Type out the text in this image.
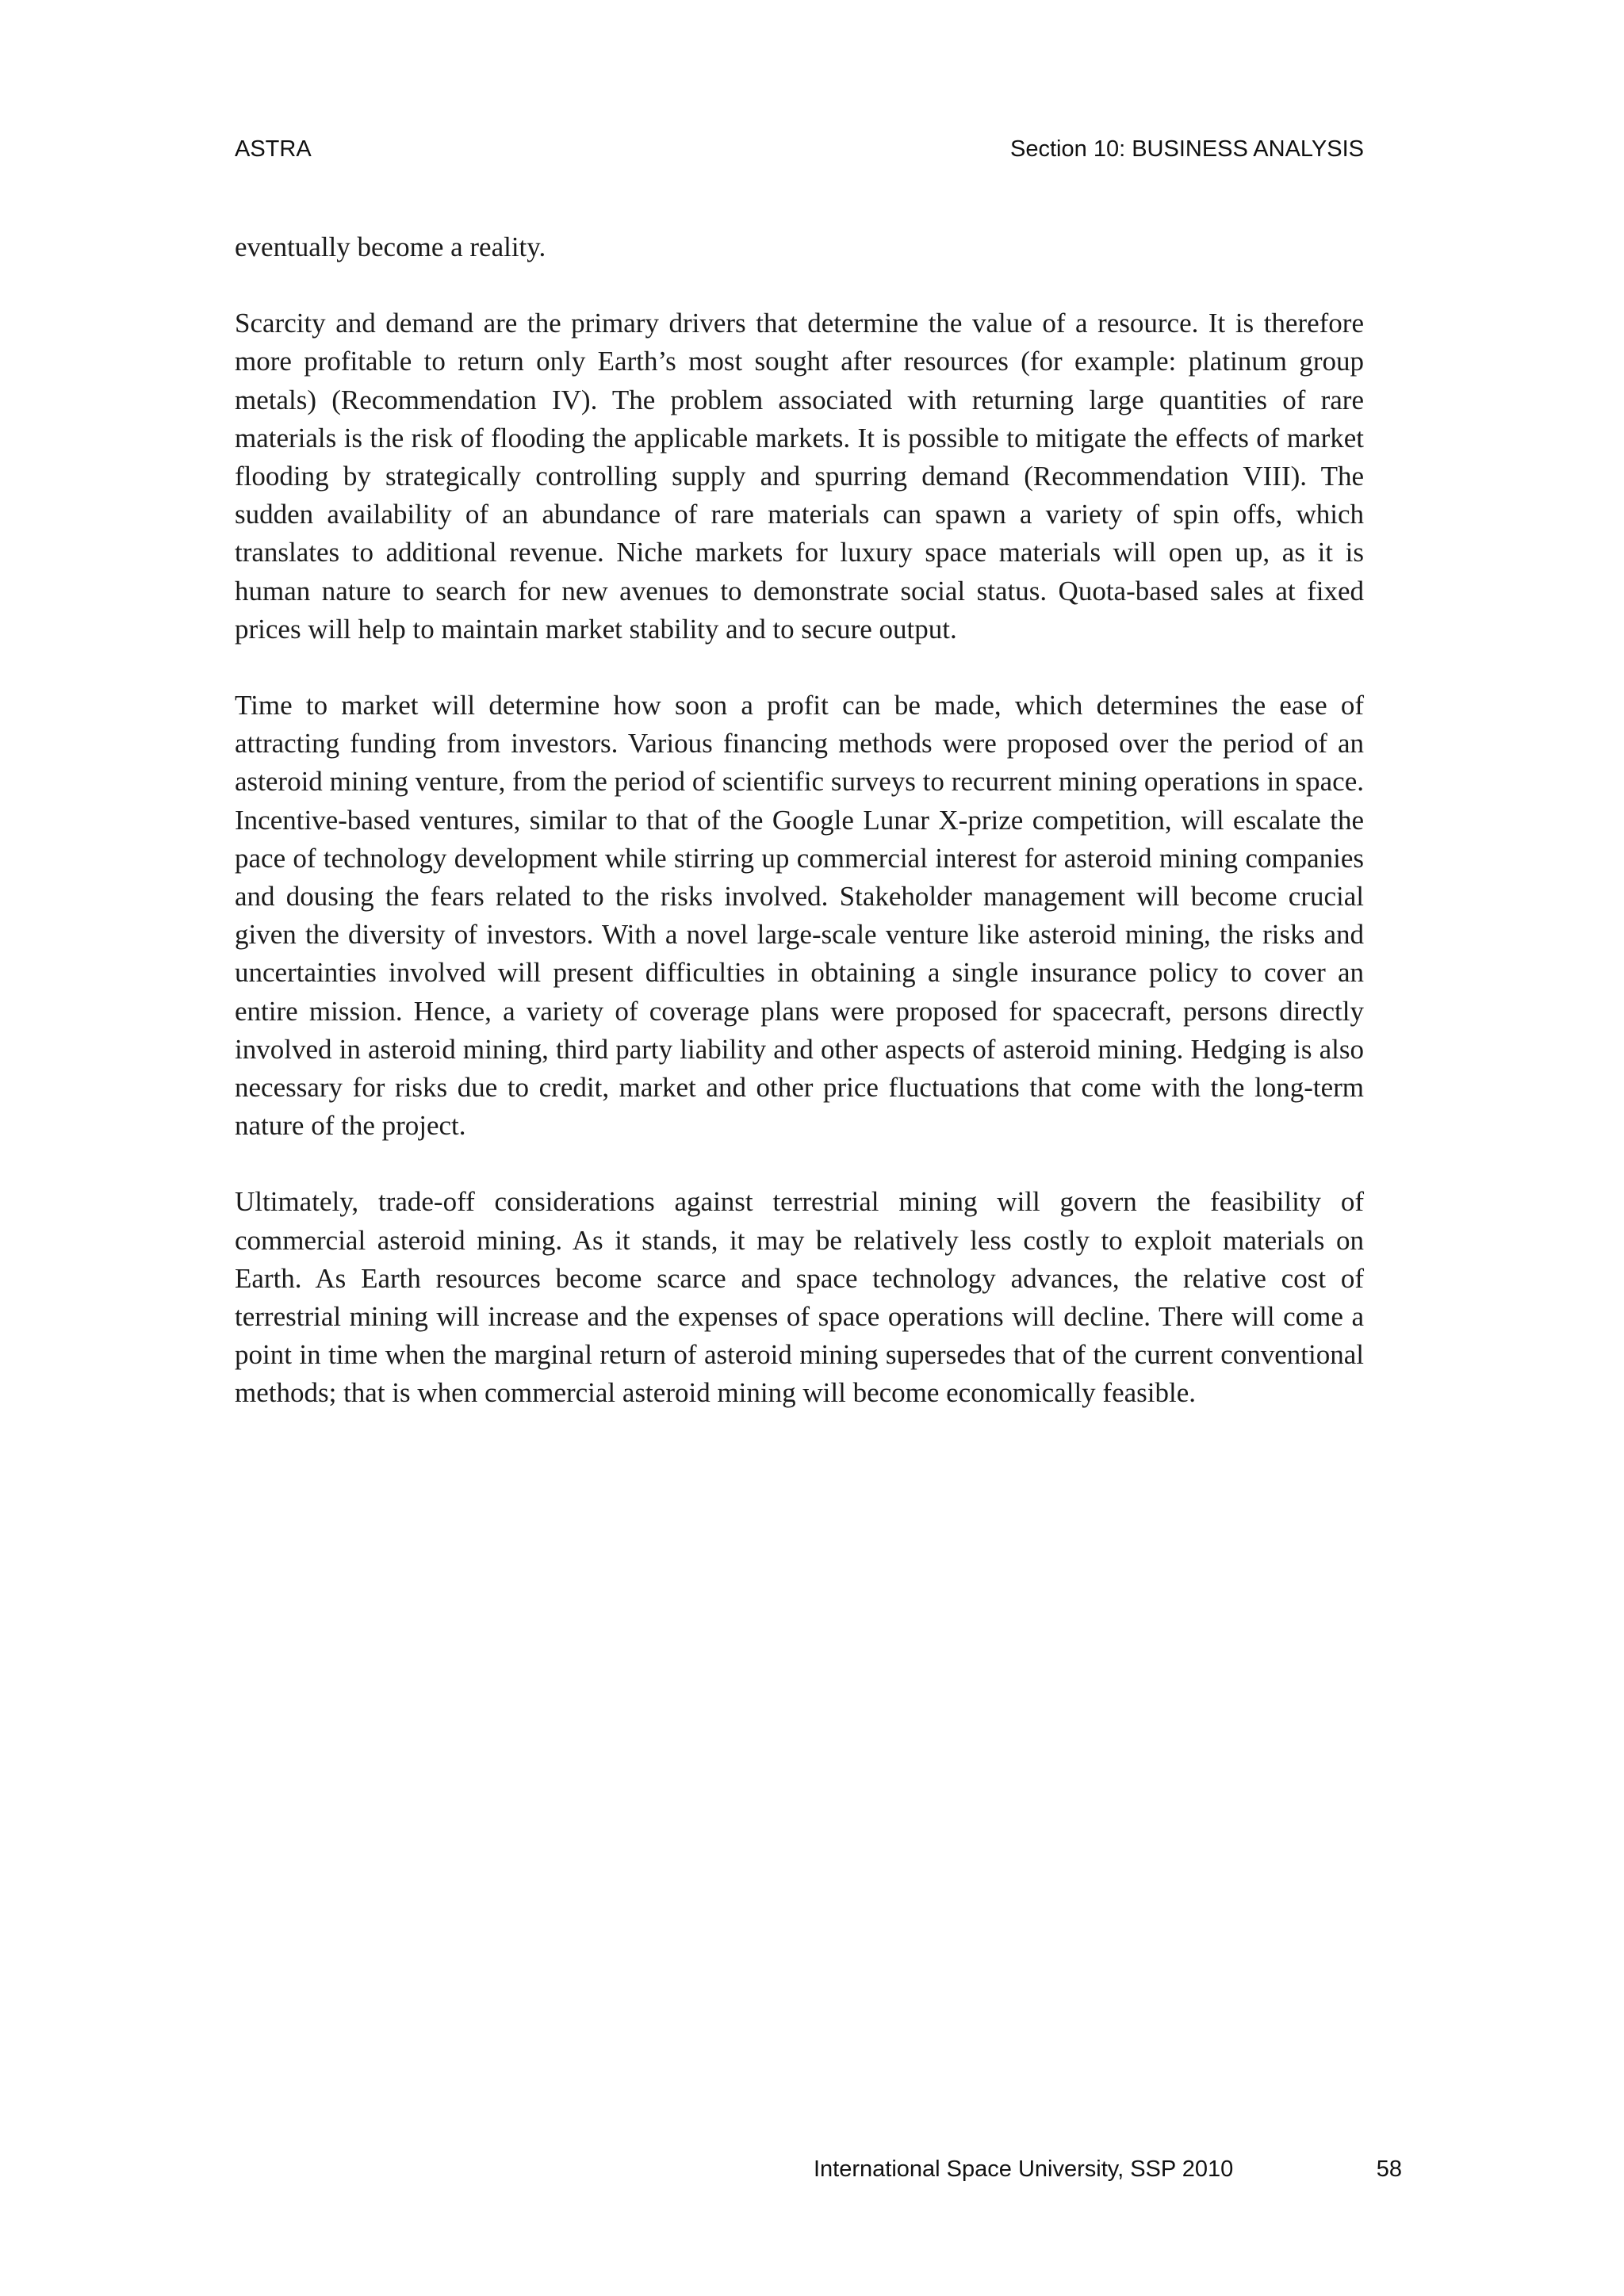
ASTRA	Section 10: BUSINESS ANALYSIS

eventually become a reality.

Scarcity and demand are the primary drivers that determine the value of a resource. It is therefore more profitable to return only Earth’s most sought after resources (for example: platinum group metals) (Recommendation IV). The problem associated with returning large quantities of rare materials is the risk of flooding the applicable markets. It is possible to mitigate the effects of market flooding by strategically controlling supply and spurring demand (Recommendation VIII). The sudden availability of an abundance of rare materials can spawn a variety of spin offs, which translates to additional revenue. Niche markets for luxury space materials will open up, as it is human nature to search for new avenues to demonstrate social status. Quota-based sales at fixed prices will help to maintain market stability and to secure output.

Time to market will determine how soon a profit can be made, which determines the ease of attracting funding from investors. Various financing methods were proposed over the period of an asteroid mining venture, from the period of scientific surveys to recurrent mining operations in space. Incentive-based ventures, similar to that of the Google Lunar X-prize competition, will escalate the pace of technology development while stirring up commercial interest for asteroid mining companies and dousing the fears related to the risks involved. Stakeholder management will become crucial given the diversity of investors. With a novel large-scale venture like asteroid mining, the risks and uncertainties involved will present difficulties in obtaining a single insurance policy to cover an entire mission. Hence, a variety of coverage plans were proposed for spacecraft, persons directly involved in asteroid mining, third party liability and other aspects of asteroid mining. Hedging is also necessary for risks due to credit, market and other price fluctuations that come with the long-term nature of the project.

Ultimately, trade-off considerations against terrestrial mining will govern the feasibility of commercial asteroid mining. As it stands, it may be relatively less costly to exploit materials on Earth. As Earth resources become scarce and space technology advances, the relative cost of terrestrial mining will increase and the expenses of space operations will decline. There will come a point in time when the marginal return of asteroid mining supersedes that of the current conventional methods; that is when commercial asteroid mining will become economically feasible.

International Space University, SSP 2010	58
